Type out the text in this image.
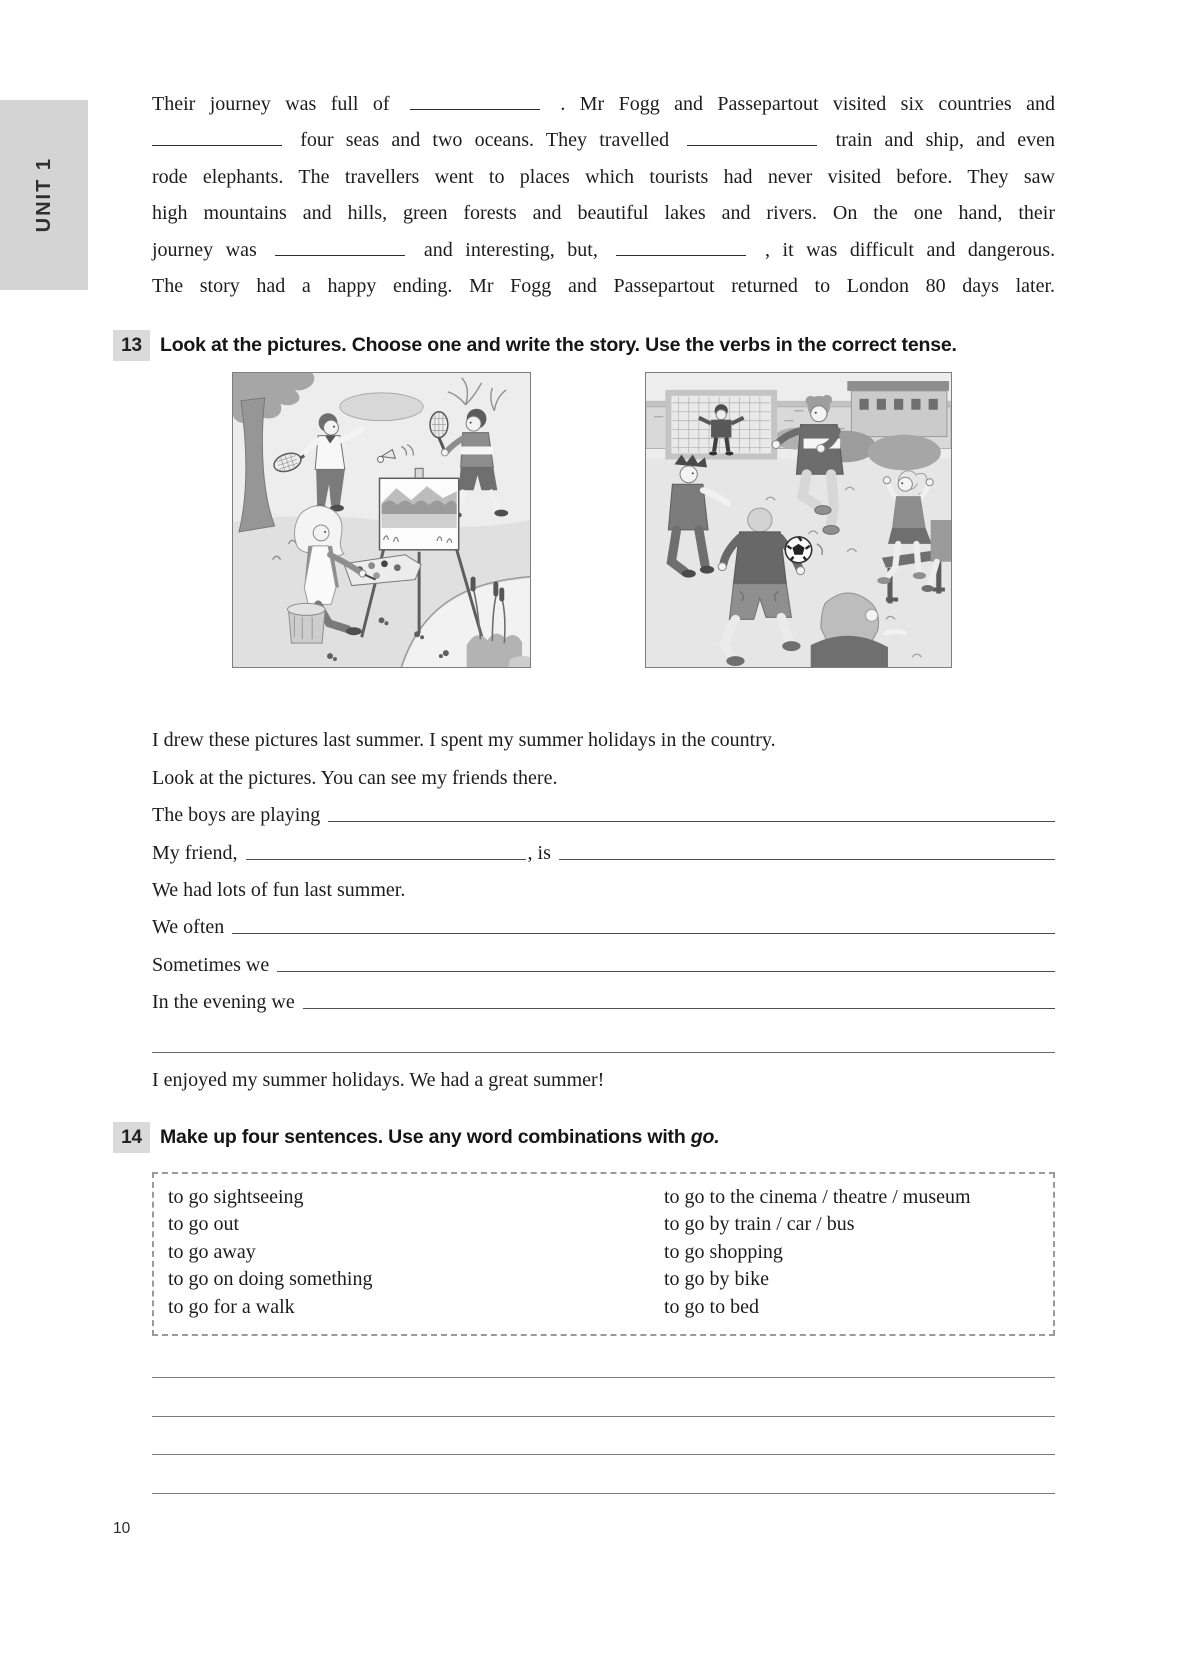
UNIT 1
Their journey was full of	. Mr Fogg and Passepartout visited six countries and
four seas and two oceans. They travelled	train and ship, and even
rode elephants. The travellers went to places which tourists had never visited before. They saw
high mountains and hills, green forests and beautiful lakes and rivers. On the one hand, their
journey was	and interesting, but,	, it was difficult and dangerous.
The story had a happy ending. Mr Fogg and Passepartout returned to London 80 days later.
13 Look at the pictures. Choose one and write the story. Use the verbs in the correct tense.
I drew these pictures last summer. I spent my summer holidays in the country.
Look at the pictures. You can see my friends there.
The boys are playing
My friend,	, is
We had lots of fun last summer.
We often
Sometimes we
In the evening we
I enjoyed my summer holidays. We had a great summer!
14 Make up four sentences. Use any word combinations with go.
to go sightseeing
to go out
to go away
to go on doing something
to go for a walk
to go to the cinema / theatre / museum
to go by train / car / bus
to go shopping
to go by bike
to go to bed
10
